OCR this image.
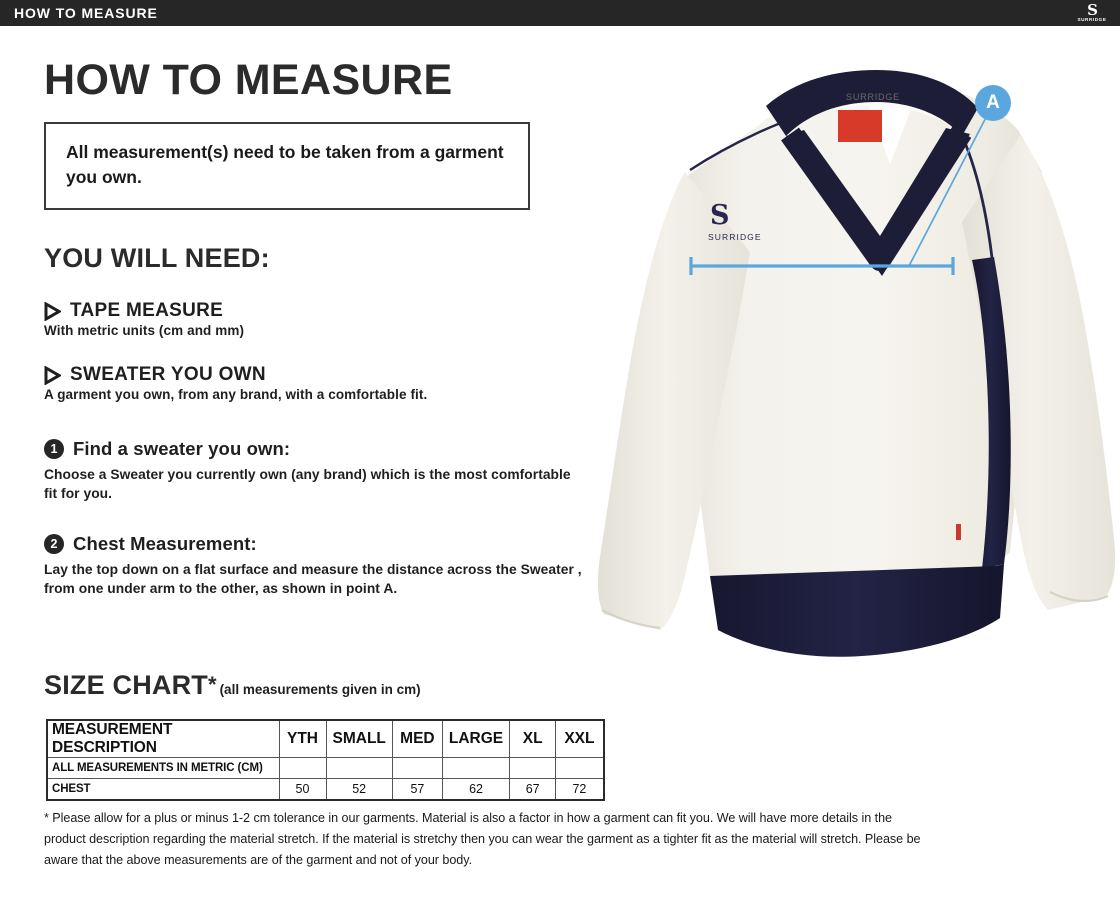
HOW TO MEASURE	S
SURRIDGE
HOW TO MEASURE
All measurement(s) need to be taken from a garment you own.
YOU WILL NEED:
TAPE MEASURE
With metric units (cm and mm)
SWEATER YOU OWN
A garment you own, from any brand, with a comfortable fit.
1 Find a sweater you own:
Choose a Sweater you currently own (any brand) which is the most comfortable fit for you.
2 Chest Measurement:
Lay the top down on a flat surface and measure the distance across the Sweater , from one under arm to the other, as shown in point A.
SIZE CHART * (all measurements given in cm)
MEASUREMENT DESCRIPTION	YTH	SMALL	MED	LARGE	XL	XXL
ALL MEASUREMENTS IN METRIC (CM)						
CHEST	50	52	57	62	67	72
* Please allow for a plus or minus 1-2 cm tolerance in our garments. Material is also a factor in how a garment can fit you. We will have more details in the product description regarding the material stretch. If the material is stretchy then you can wear the garment as a tighter fit as the material will stretch. Please be aware that the above measurements are of the garment and not of your body.
SURRIDGE
S
SURRIDGE
A
